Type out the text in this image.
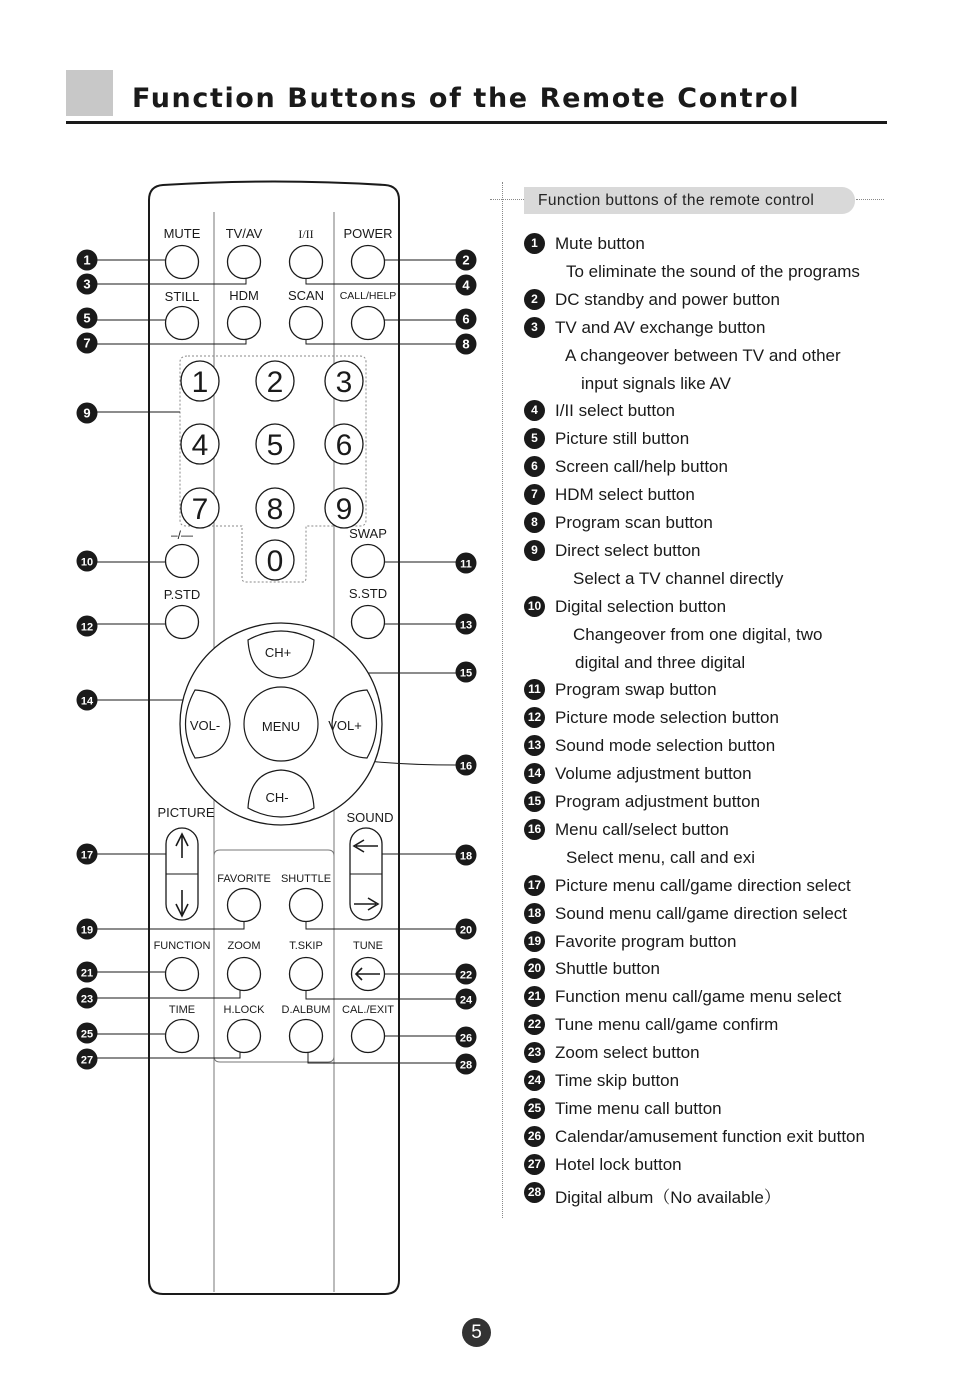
Function Buttons of the Remote Control
MUTE TV/AV	I/II POWER
STILL HDM SCAN CALL/HELP
–/—	SWAP
P.STD	S.STD
FAVORITE SHUTTLE
FUNCTION ZOOM	T.SKIP	TUNE
TIME	H.LOCK D.ALBUM CAL./EXIT
1 2 3
4 5 6
7 8 9
0
CH+
CH-
VOL-	VOL+
MENU
PICTURE	SOUND
1	2
3	4
5	6
7	8
9
10	11
12	13
14
15
16
17	18
19	20
21	22
23	24
25	26
27	28
Function buttons of the remote control
1	Mute button
To eliminate the sound of the programs
2	DC standby and power button
3	TV and AV exchange button
A changeover between TV and other
input signals like AV
4	I/II select button
5	Picture still button
6	Screen call/help button
7	HDM select button
8	Program scan button
9	Direct select button
Select a TV channel directly
10 Digital selection button
Changeover from one digital, two
digital and three digital
11 Program swap button
12 Picture mode selection button
13 Sound mode selection button
14 Volume adjustment button
15 Program adjustment button
16 Menu call/select button
Select menu, call and exi
17 Picture menu call/game direction select
18 Sound menu call/game direction select
19 Favorite program button
20 Shuttle button
21 Function menu call/game menu select
22 Tune menu call/game confirm
23 Zoom select button
24 Time skip button
25 Time menu call button
26 Calendar/amusement function exit button
27 Hotel lock button
28 Digital album（No available）
5
